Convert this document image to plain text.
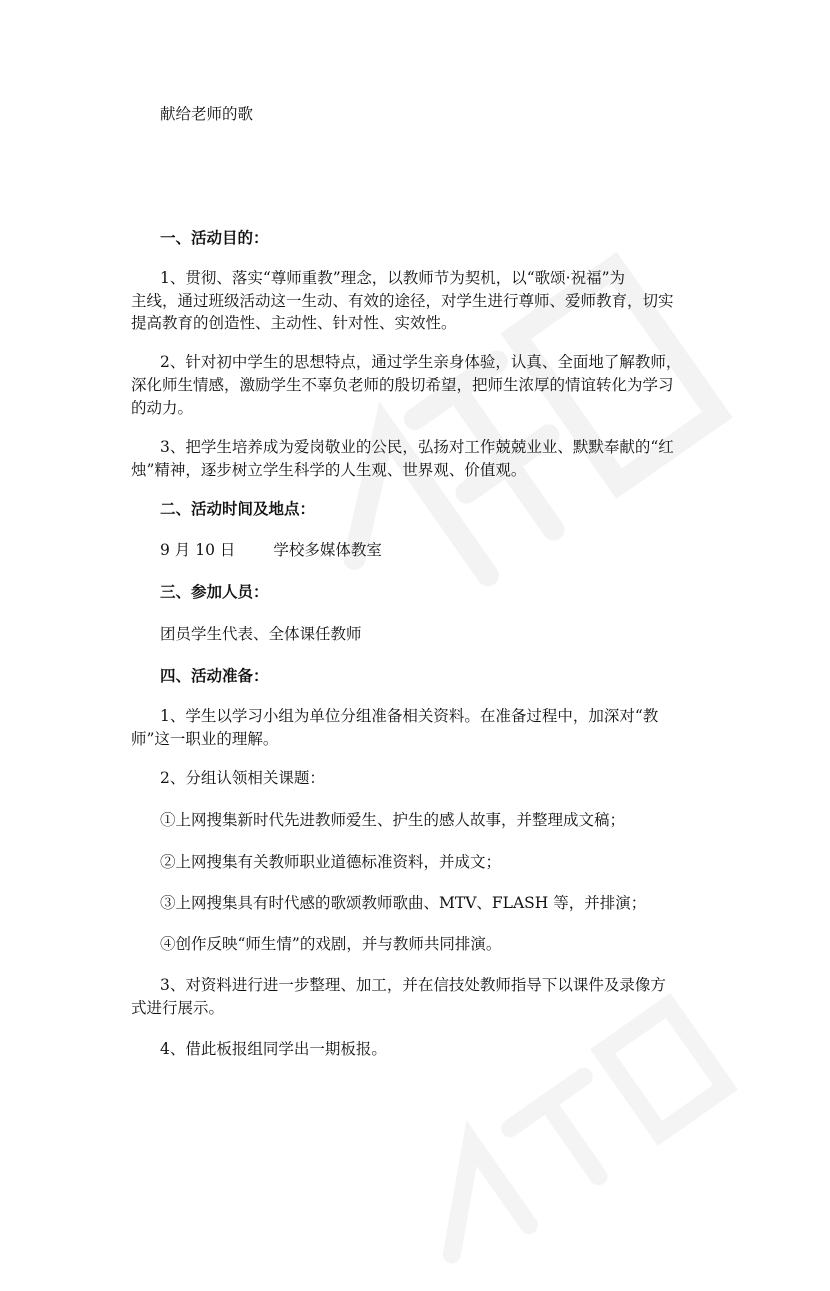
献给老师的歌
一、活动目的：
1、贯彻、落实“尊师重教”理念，以教师节为契机，以“歌颂·祝福”为
主线，通过班级活动这一生动、有效的途径，对学生进行尊师、爱师教育，切实
提高教育的创造性、主动性、针对性、实效性。
2、针对初中学生的思想特点，通过学生亲身体验，认真、全面地了解教师，
深化师生情感，激励学生不辜负老师的殷切希望，把师生浓厚的情谊转化为学习
的动力。
3、把学生培养成为爱岗敬业的公民，弘扬对工作兢兢业业、默默奉献的“红
烛”精神，逐步树立学生科学的人生观、世界观、价值观。
二、活动时间及地点：
9 月 10 日 学校多媒体教室
三、参加人员：
团员学生代表、全体课任教师
四、活动准备：
1、学生以学习小组为单位分组准备相关资料。在准备过程中，加深对“教
师”这一职业的理解。
2、分组认领相关课题：
①上网搜集新时代先进教师爱生、护生的感人故事，并整理成文稿；
②上网搜集有关教师职业道德标准资料，并成文；
③上网搜集具有时代感的歌颂教师歌曲、MTV、FLASH 等，并排演；
④创作反映“师生情”的戏剧，并与教师共同排演。
3、对资料进行进一步整理、加工，并在信技处教师指导下以课件及录像方
式进行展示。
4、借此板报组同学出一期板报。
